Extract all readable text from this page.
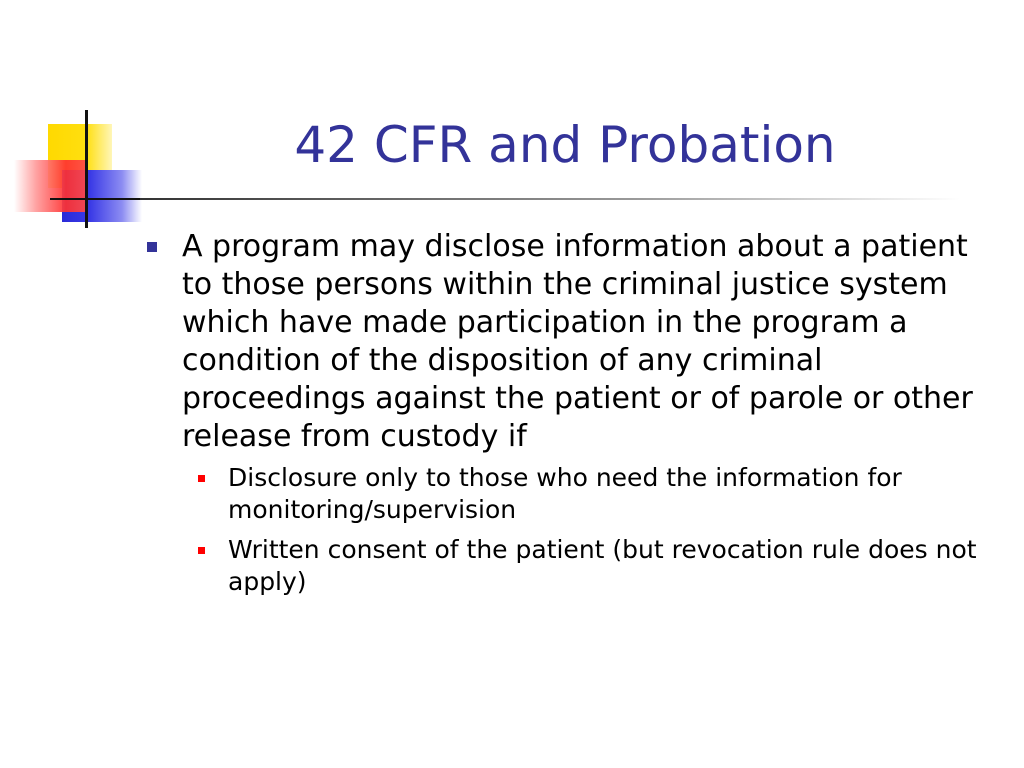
42 CFR and Probation
A program may disclose information about a patient to those persons within the criminal justice system which have made participation in the program a condition of the disposition of any criminal proceedings against the patient or of parole or other release from custody if
Disclosure only to those who need the information for monitoring/supervision
Written consent of the patient (but revocation rule does not apply)
